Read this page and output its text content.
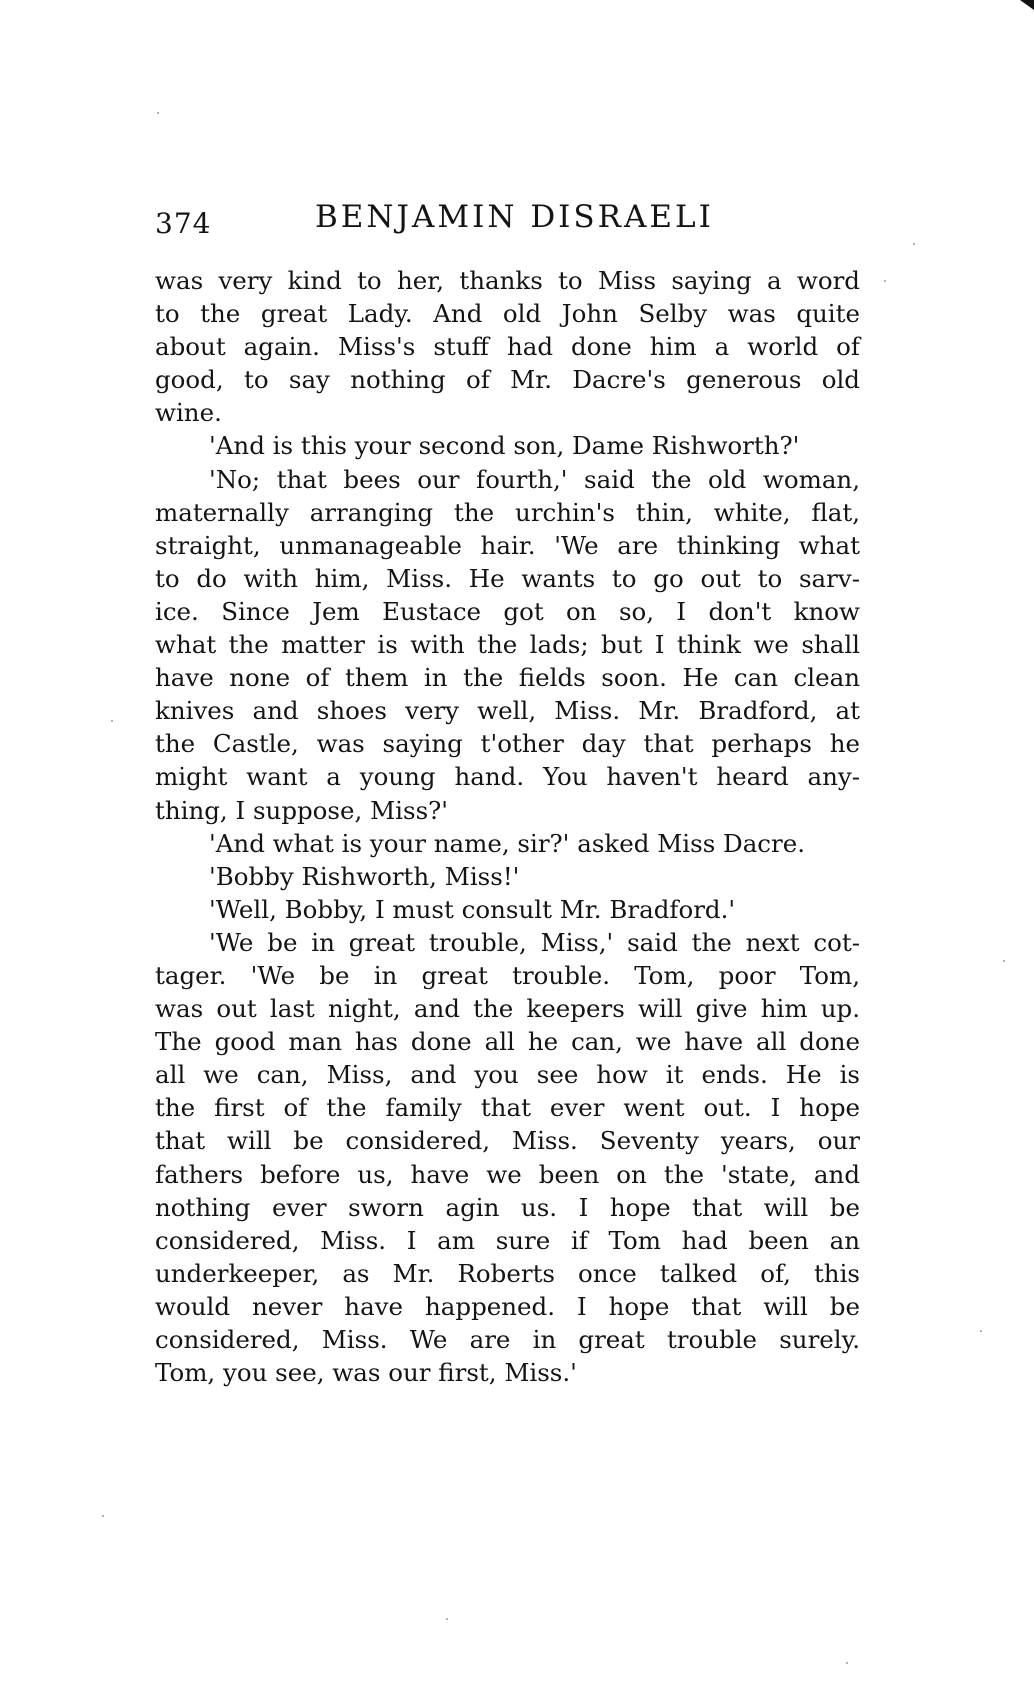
374	BENJAMIN DISRAELI
was very kind to her, thanks to Miss saying a word
to the great Lady. And old John Selby was quite
about again. Miss's stuff had done him a world of
good, to say nothing of Mr. Dacre's generous old
wine.
'And is this your second son, Dame Rishworth?'
'No; that bees our fourth,' said the old woman,
maternally arranging the urchin's thin, white, flat,
straight, unmanageable hair. 'We are thinking what
to do with him, Miss. He wants to go out to sarv-
ice. Since Jem Eustace got on so, I don't know
what the matter is with the lads; but I think we shall
have none of them in the fields soon. He can clean
knives and shoes very well, Miss. Mr. Bradford, at
the Castle, was saying t'other day that perhaps he
might want a young hand. You haven't heard any-
thing, I suppose, Miss?'
'And what is your name, sir?' asked Miss Dacre.
'Bobby Rishworth, Miss!'
'Well, Bobby, I must consult Mr. Bradford.'
'We be in great trouble, Miss,' said the next cot-
tager. 'We be in great trouble. Tom, poor Tom,
was out last night, and the keepers will give him up.
The good man has done all he can, we have all done
all we can, Miss, and you see how it ends. He is
the first of the family that ever went out. I hope
that will be considered, Miss. Seventy years, our
fathers before us, have we been on the 'state, and
nothing ever sworn agin us. I hope that will be
considered, Miss. I am sure if Tom had been an
underkeeper, as Mr. Roberts once talked of, this
would never have happened. I hope that will be
considered, Miss. We are in great trouble surely.
Tom, you see, was our first, Miss.'
